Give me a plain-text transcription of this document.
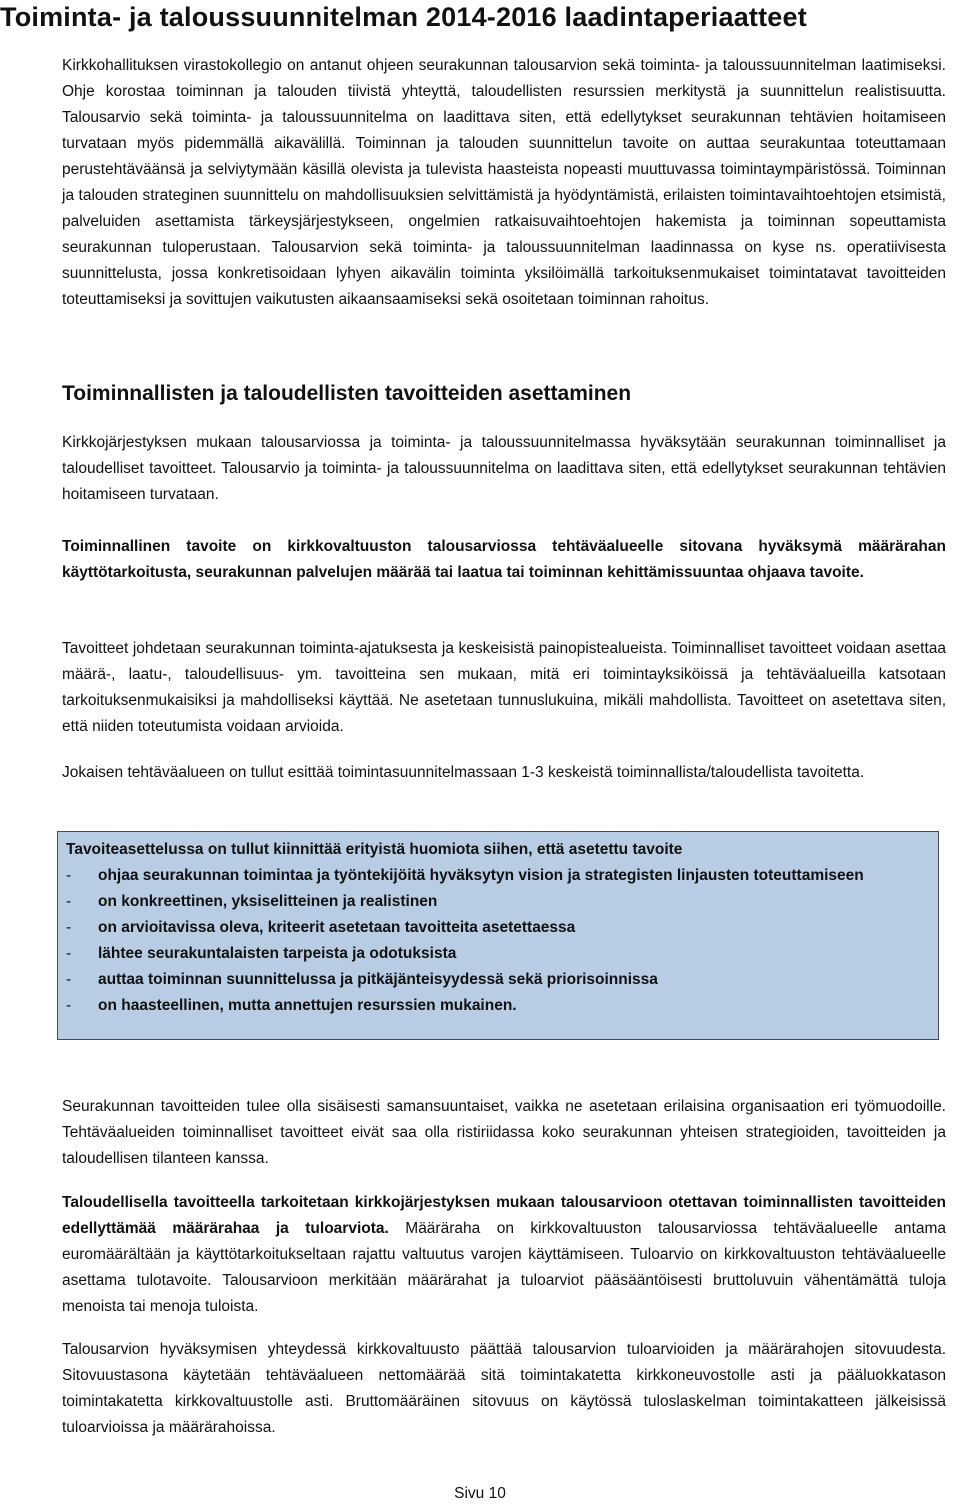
Toiminta- ja taloussuunnitelman 2014-2016 laadintaperiaatteet

Kirkkohallituksen virastokollegio on antanut ohjeen seurakunnan talousarvion sekä toiminta- ja taloussuunnitelman laatimiseksi. Ohje korostaa toiminnan ja talouden tiivistä yhteyttä, taloudellisten resurssien merkitystä ja suunnittelun realistisuutta. Talousarvio sekä toiminta- ja taloussuunnitelma on laadittava siten, että edellytykset seurakunnan tehtävien hoitamiseen turvataan myös pidemmällä aikavälillä. Toiminnan ja talouden suunnittelun tavoite on auttaa seurakuntaa toteuttamaan perustehtäväänsä ja selviytymään käsillä olevista ja tulevista haasteista nopeasti muuttuvassa toimintaympäristössä. Toiminnan ja talouden strateginen suunnittelu on mahdollisuuksien selvittämistä ja hyödyntämistä, erilaisten toimintavaihtoehtojen etsimistä, palveluiden asettamista tärkeysjärjestykseen, ongelmien ratkaisuvaihtoehtojen hakemista ja toiminnan sopeuttamista seurakunnan tuloperustaan. Talousarvion sekä toiminta- ja taloussuunnitelman laadinnassa on kyse ns. operatiivisesta suunnittelusta, jossa konkretisoidaan lyhyen aikavälin toiminta yksilöimällä tarkoituksenmukaiset toimintatavat tavoitteiden toteuttamiseksi ja sovittujen vaikutusten aikaansaamiseksi sekä osoitetaan toiminnan rahoitus.

Toiminnallisten ja taloudellisten tavoitteiden asettaminen

Kirkkojärjestyksen mukaan talousarviossa ja toiminta- ja taloussuunnitelmassa hyväksytään seurakunnan toiminnalliset ja taloudelliset tavoitteet. Talousarvio ja toiminta- ja taloussuunnitelma on laadittava siten, että edellytykset seurakunnan tehtävien hoitamiseen turvataan.

Toiminnallinen tavoite on kirkkovaltuuston talousarviossa tehtäväalueelle sitovana hyväksymä määrärahan käyttötarkoitusta, seurakunnan palvelujen määrää tai laatua tai toiminnan kehittämissuuntaa ohjaava tavoite.

Tavoitteet johdetaan seurakunnan toiminta-ajatuksesta ja keskeisistä painopistealueista. Toiminnalliset tavoitteet voidaan asettaa määrä-, laatu-, taloudellisuus- ym. tavoitteina sen mukaan, mitä eri toimintayksiköissä ja tehtäväalueilla katsotaan tarkoituksenmukaisiksi ja mahdolliseksi käyttää. Ne asetetaan tunnuslukuina, mikäli mahdollista. Tavoitteet on asetettava siten, että niiden toteutumista voidaan arvioida.

Jokaisen tehtäväalueen on tullut esittää toimintasuunnitelmassaan 1-3 keskeistä toiminnallista/taloudellista tavoitetta.

Tavoiteasettelussa on tullut kiinnittää erityistä huomiota siihen, että asetettu tavoite

-	ohjaa seurakunnan toimintaa ja työntekijöitä hyväksytyn vision ja strategisten linjausten toteuttamiseen
-	on konkreettinen, yksiselitteinen ja realistinen
-	on arvioitavissa oleva, kriteerit asetetaan tavoitteita asetettaessa
-	lähtee seurakuntalaisten tarpeista ja odotuksista
-	auttaa toiminnan suunnittelussa ja pitkäjänteisyydessä sekä priorisoinnissa
-	on haasteellinen, mutta annettujen resurssien mukainen.

Seurakunnan tavoitteiden tulee olla sisäisesti samansuuntaiset, vaikka ne asetetaan erilaisina organisaation eri työmuodoille. Tehtäväalueiden toiminnalliset tavoitteet eivät saa olla ristiriidassa koko seurakunnan yhteisen strategioiden, tavoitteiden ja taloudellisen tilanteen kanssa.

Taloudellisella tavoitteella tarkoitetaan kirkkojärjestyksen mukaan talousarvioon otettavan toiminnallisten tavoitteiden edellyttämää määrärahaa ja tuloarviota. Määräraha on kirkkovaltuuston talousarviossa tehtäväalueelle antama euromäärältään ja käyttötarkoitukseltaan rajattu valtuutus varojen käyttämiseen. Tuloarvio on kirkkovaltuuston tehtäväalueelle asettama tulotavoite. Talousarvioon merkitään määrärahat ja tuloarviot pääsääntöisesti bruttoluvuin vähentämättä tuloja menoista tai menoja tuloista.

Talousarvion hyväksymisen yhteydessä kirkkovaltuusto päättää talousarvion tuloarvioiden ja määrärahojen sitovuudesta. Sitovuustasona käytetään tehtäväalueen nettomäärää sitä toimintakatetta kirkkoneuvostolle asti ja pääluokkatason toimintakatetta kirkkovaltuustolle asti. Bruttomääräinen sitovuus on käytössä tuloslaskelman toimintakatteen jälkeisissä tuloarvioissa ja määrärahoissa.

Sivu 10
